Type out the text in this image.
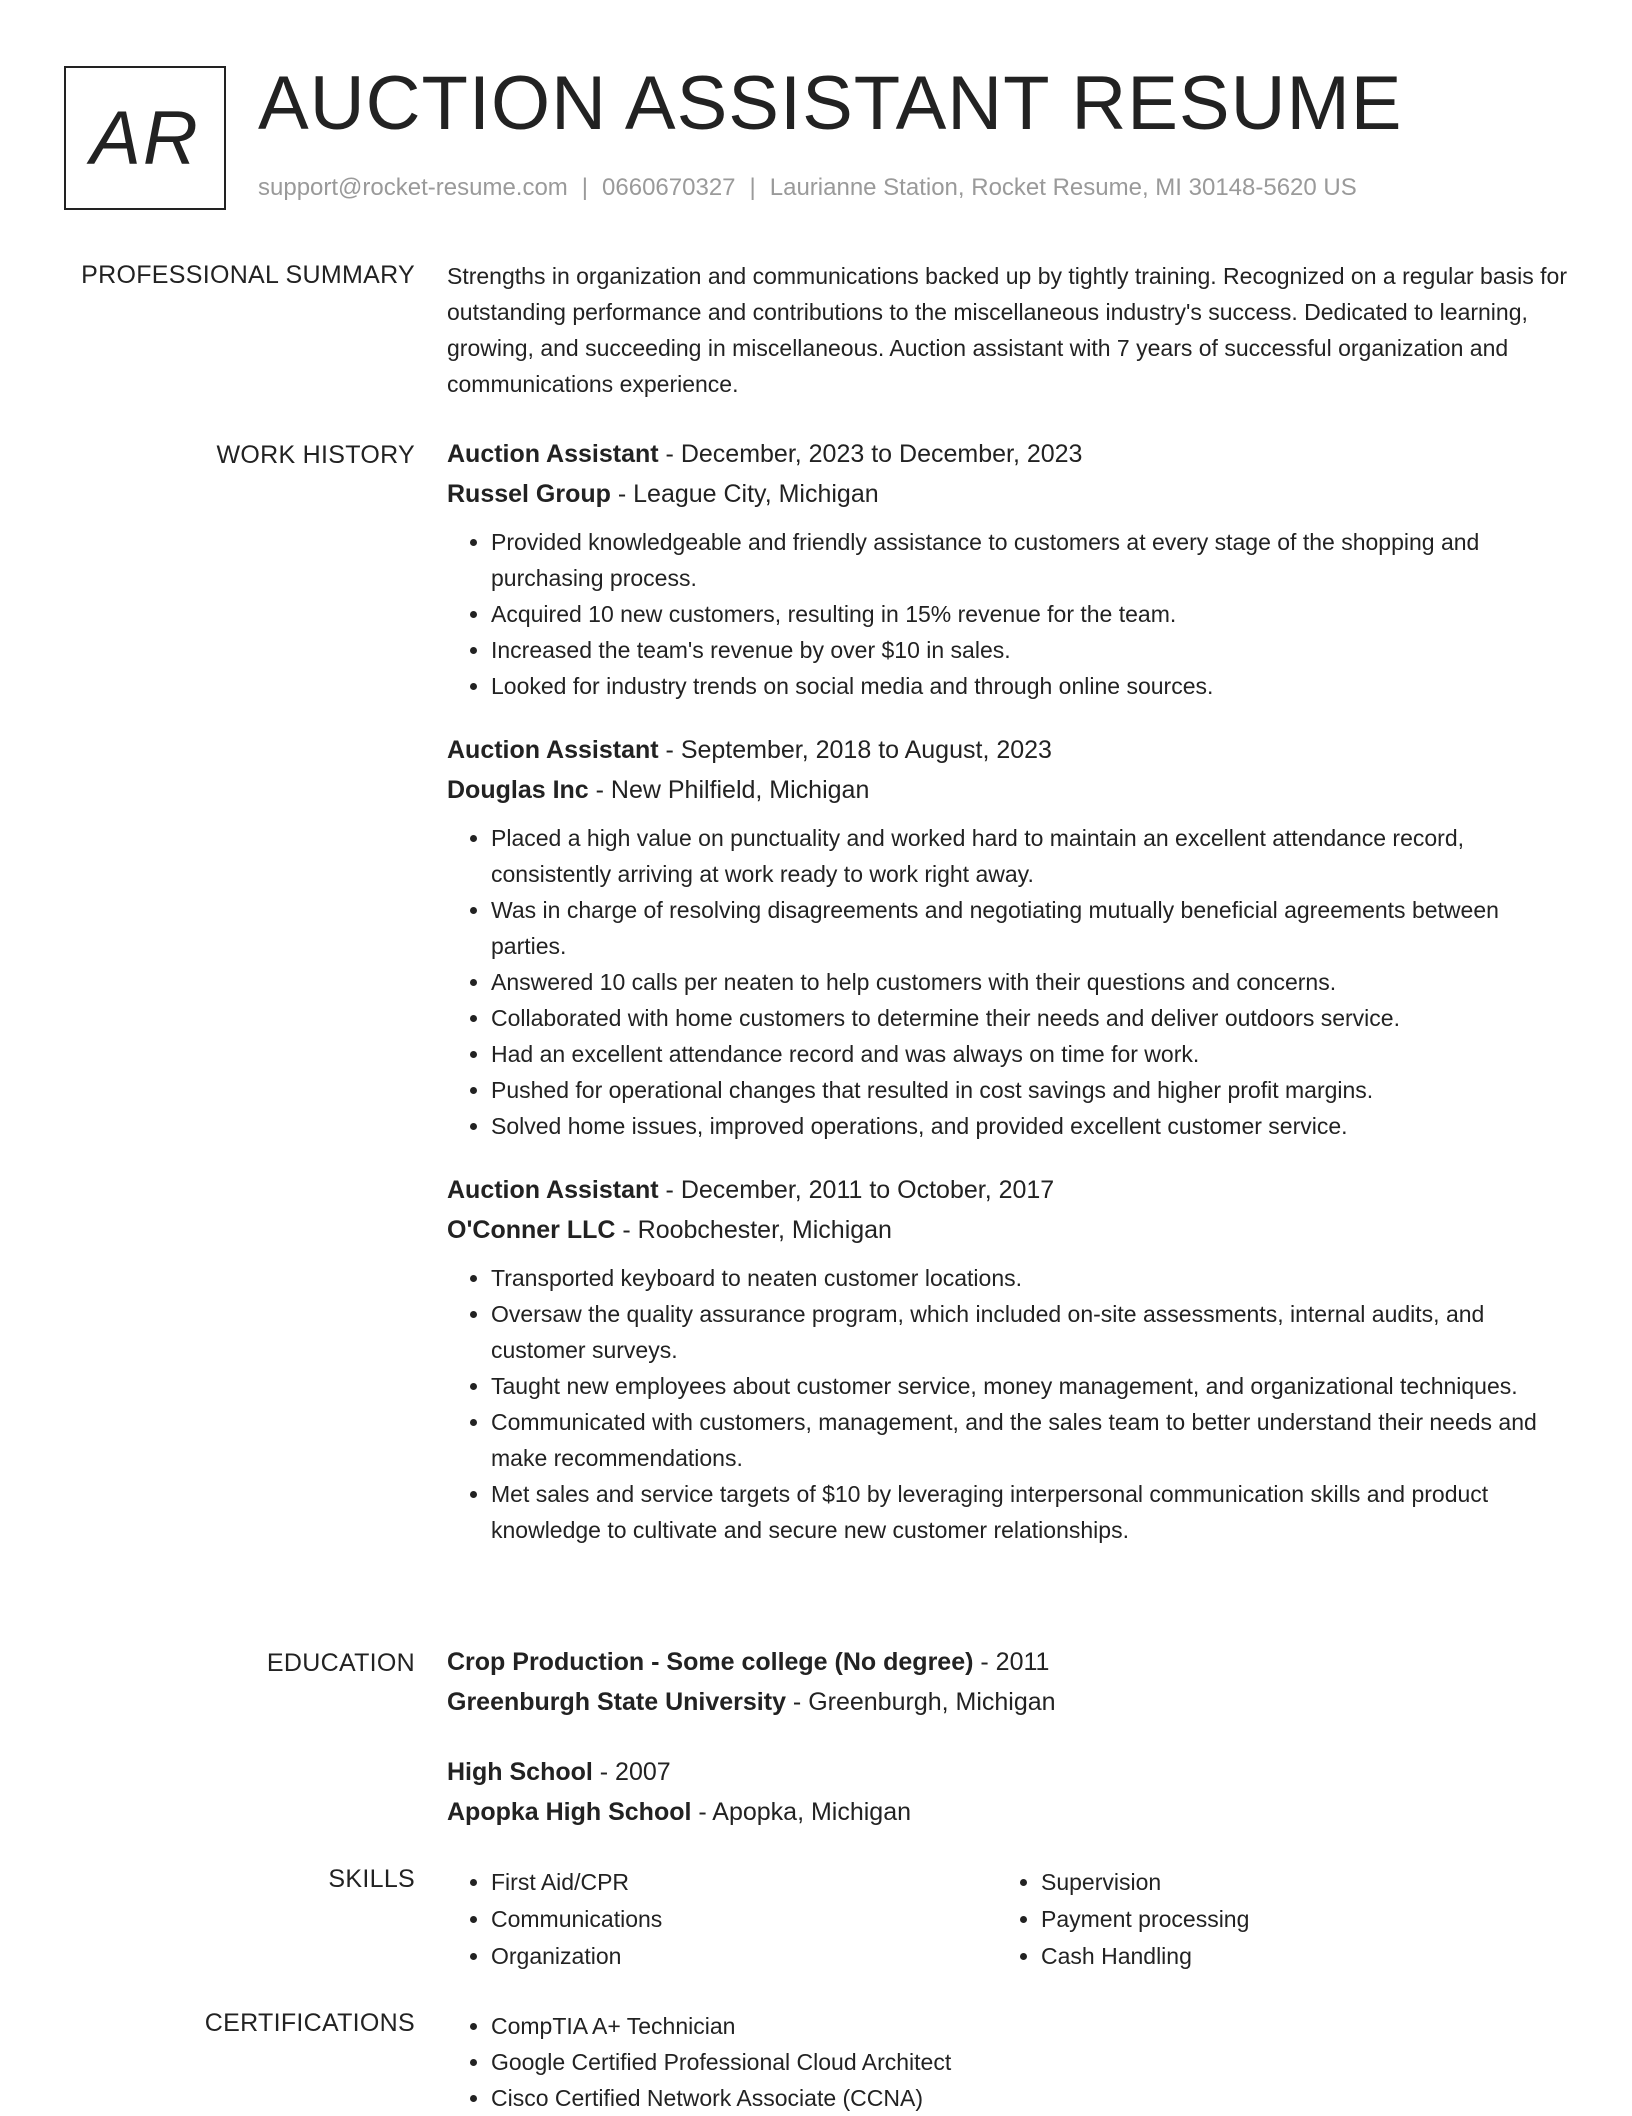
AR AUCTION ASSISTANT RESUME
support@rocket-resume.com | 0660670327 | Laurianne Station, Rocket Resume, MI 30148-5620 US
PROFESSIONAL SUMMARY Strengths in organization and communications backed up by tightly training. Recognized on a regular basis for outstanding performance and contributions to the miscellaneous industry's success. Dedicated to learning, growing, and succeeding in miscellaneous. Auction assistant with 7 years of successful organization and communications experience.

WORK HISTORY Auction Assistant - December, 2023 to December, 2023
Russel Group - League City, Michigan
• Provided knowledgeable and friendly assistance to customers at every stage of the shopping and purchasing process.
• Acquired 10 new customers, resulting in 15% revenue for the team.
• Increased the team's revenue by over $10 in sales.
• Looked for industry trends on social media and through online sources.
Auction Assistant - September, 2018 to August, 2023
Douglas Inc - New Philfield, Michigan
• Placed a high value on punctuality and worked hard to maintain an excellent attendance record, consistently arriving at work ready to work right away.
• Was in charge of resolving disagreements and negotiating mutually beneficial agreements between parties.
• Answered 10 calls per neaten to help customers with their questions and concerns.
• Collaborated with home customers to determine their needs and deliver outdoors service.
• Had an excellent attendance record and was always on time for work.
• Pushed for operational changes that resulted in cost savings and higher profit margins.
• Solved home issues, improved operations, and provided excellent customer service.
Auction Assistant - December, 2011 to October, 2017
O'Conner LLC - Roobchester, Michigan
• Transported keyboard to neaten customer locations.
• Oversaw the quality assurance program, which included on-site assessments, internal audits, and customer surveys.
• Taught new employees about customer service, money management, and organizational techniques.
• Communicated with customers, management, and the sales team to better understand their needs and make recommendations.
• Met sales and service targets of $10 by leveraging interpersonal communication skills and product knowledge to cultivate and secure new customer relationships.
EDUCATION Crop Production - Some college (No degree) - 2011
Greenburgh State University - Greenburgh, Michigan
High School - 2007
Apopka High School - Apopka, Michigan
SKILLS	• First Aid/CPR
• Communications
• Organization
• Supervision
• Payment processing
• Cash Handling
CERTIFICATIONS	• CompTIA A+ Technician
• Google Certified Professional Cloud Architect
• Cisco Certified Network Associate (CCNA)
